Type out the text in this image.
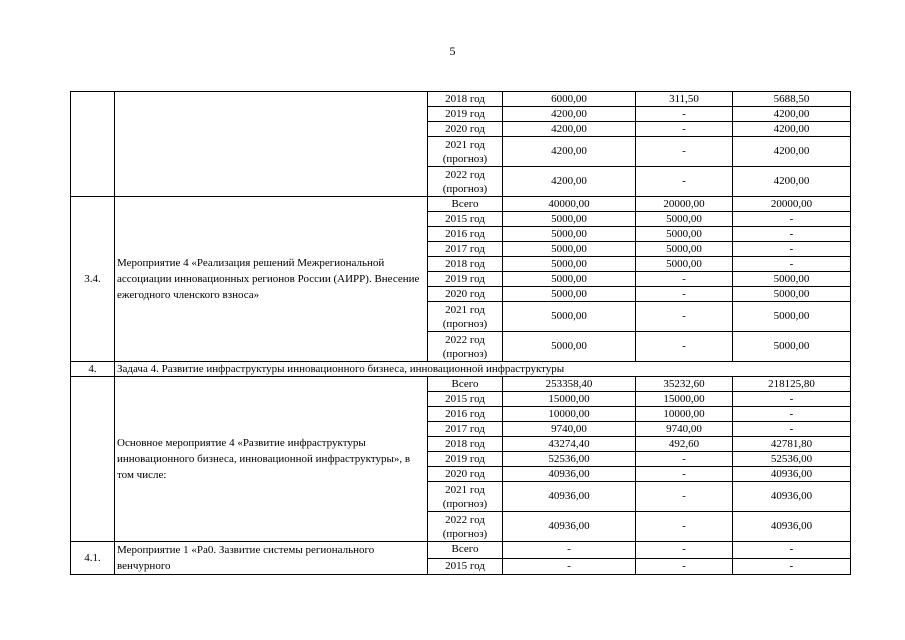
5
		2018 год	6000,00	311,50	5688,50
		2019 год	4200,00	-	4200,00
		2020 год	4200,00	-	4200,00
		2021 год
(прогноз)	4200,00	-	4200,00
		2022 год
(прогноз)	4200,00	-	4200,00
3.4.	Мероприятие 4 «Реализация решений Межрегиональной ассоциации инновационных регионов России (АИРР). Внесение ежегодного членского взноса»	Всего	40000,00	20000,00	20000,00
		2015 год	5000,00	5000,00	-
		2016 год	5000,00	5000,00	-
		2017 год	5000,00	5000,00	-
		2018 год	5000,00	5000,00	-
		2019 год	5000,00	-	5000,00
		2020 год	5000,00	-	5000,00
		2021 год
(прогноз)	5000,00	-	5000,00
		2022 год
(прогноз)	5000,00	-	5000,00
4.	Задача 4. Развитие инфраструктуры инновационного бизнеса, инновационной инфраструктуры				
	Основное мероприятие 4 «Развитие инфраструктуры инновационного бизнеса, инновационной инфраструктуры», в том числе:	Всего	253358,40	35232,60	218125,80
		2015 год	15000,00	15000,00	-
		2016 год	10000,00	10000,00	-
		2017 год	9740,00	9740,00	-
		2018 год	43274,40	492,60	42781,80
		2019 год	52536,00	-	52536,00
		2020 год	40936,00	-	40936,00
		2021 год
(прогноз)	40936,00	-	40936,00
		2022 год
(прогноз)	40936,00	-	40936,00
4.1.	Мероприятие 1 «Ра0. Зазвитие системы регионального венчурного	Всего	-	-	-
		2015 год	-	-	-
